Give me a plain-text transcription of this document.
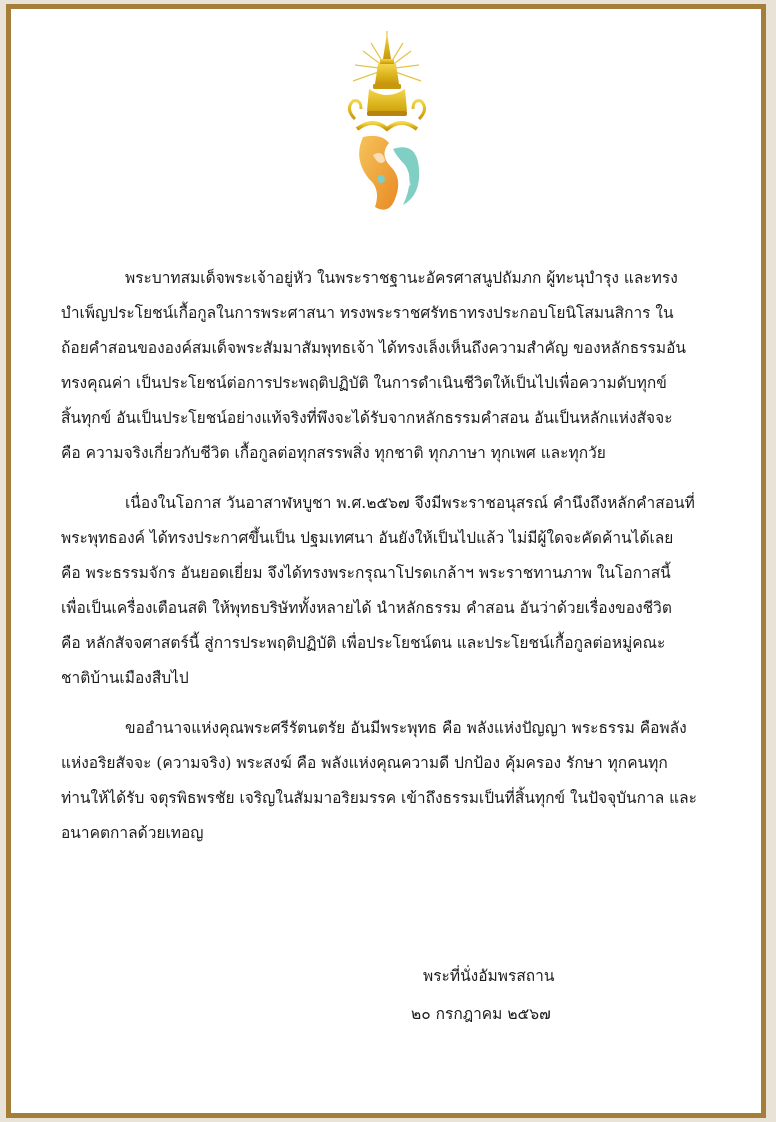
พระบาทสมเด็จพระเจ้าอยู่หัว ในพระราชฐานะอัครศาสนูปถัมภก ผู้ทะนุบำรุง และทรง
บำเพ็ญประโยชน์เกื้อกูลในการพระศาสนา ทรงพระราชศรัทธาทรงประกอบโยนิโสมนสิการ ใน
ถ้อยคำสอนขององค์สมเด็จพระสัมมาสัมพุทธเจ้า ได้ทรงเล็งเห็นถึงความสำคัญ ของหลักธรรมอัน
ทรงคุณค่า เป็นประโยชน์ต่อการประพฤติปฏิบัติ ในการดำเนินชีวิตให้เป็นไปเพื่อความดับทุกข์
สิ้นทุกข์ อันเป็นประโยชน์อย่างแท้จริงที่พึงจะได้รับจากหลักธรรมคำสอน อันเป็นหลักแห่งสัจจะ
คือ ความจริงเกี่ยวกับชีวิต เกื้อกูลต่อทุกสรรพสิ่ง ทุกชาติ ทุกภาษา ทุกเพศ และทุกวัย
เนื่องในโอกาส วันอาสาฬหบูชา พ.ศ.๒๕๖๗ จึงมีพระราชอนุสรณ์ คำนึงถึงหลักคำสอนที่
พระพุทธองค์ ได้ทรงประกาศขึ้นเป็น ปฐมเทศนา อันยังให้เป็นไปแล้ว ไม่มีผู้ใดจะคัดค้านได้เลย
คือ พระธรรมจักร อันยอดเยี่ยม จึงได้ทรงพระกรุณาโปรดเกล้าฯ พระราชทานภาพ ในโอกาสนี้
เพื่อเป็นเครื่องเตือนสติ ให้พุทธบริษัททั้งหลายได้ นำหลักธรรม คำสอน อันว่าด้วยเรื่องของชีวิต
คือ หลักสัจจศาสตร์นี้ สู่การประพฤติปฏิบัติ เพื่อประโยชน์ตน และประโยชน์เกื้อกูลต่อหมู่คณะ
ชาติบ้านเมืองสืบไป
ขออำนาจแห่งคุณพระศรีรัตนตรัย อันมีพระพุทธ คือ พลังแห่งปัญญา พระธรรม คือพลัง
แห่งอริยสัจจะ (ความจริง) พระสงฆ์ คือ พลังแห่งคุณความดี ปกป้อง คุ้มครอง รักษา ทุกคนทุก
ท่านให้ได้รับ จตุรพิธพรชัย เจริญในสัมมาอริยมรรค เข้าถึงธรรมเป็นที่สิ้นทุกข์ ในปัจจุบันกาล และ
อนาคตกาลด้วยเทอญ
พระที่นั่งอัมพรสถาน
๒๐ กรกฎาคม ๒๕๖๗
